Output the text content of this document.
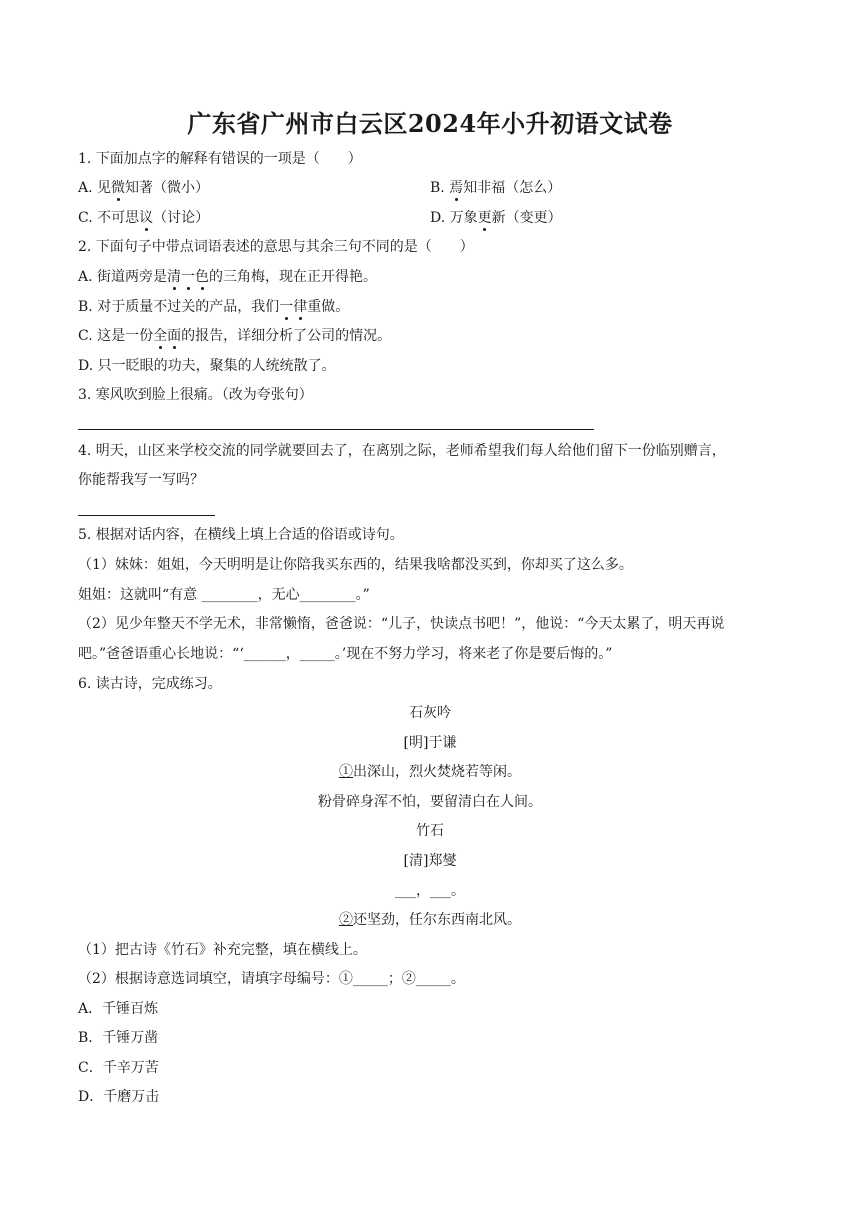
广东省广州市白云区2024年小升初语文试卷
1. 下面加点字的解释有错误的一项是（　　）
A. 见微知著（微小）	B. 焉知非福（怎么）
C. 不可思议（讨论）	D. 万象更新（变更）
2. 下面句子中带点词语表述的意思与其余三句不同的是（　　）
A. 街道两旁是清一色的三角梅，现在正开得艳。
B. 对于质量不过关的产品，我们一律重做。
C. 这是一份全面的报告，详细分析了公司的情况。
D. 只一眨眼的功夫，聚集的人统统散了。
3. 寒风吹到脸上很痛。（改为夸张句）
4. 明天，山区来学校交流的同学就要回去了，在离别之际，老师希望我们每人给他们留下一份临别赠言，
你能帮我写一写吗？
5. 根据对话内容，在横线上填上合适的俗语或诗句。
（1）妹妹：姐姐，今天明明是让你陪我买东西的，结果我啥都没买到，你却买了这么多。
姐姐：这就叫“有意 ________，无心________。”
（2）见少年整天不学无术，非常懒惰，爸爸说：“儿子，快读点书吧！”，他说：“今天太累了，明天再说
吧。”爸爸语重心长地说：“‘______，_____。’现在不努力学习，将来老了你是要后悔的。”
6. 读古诗，完成练习。
石灰吟
[明]于谦
①出深山，烈火焚烧若等闲。
粉骨碎身浑不怕，要留清白在人间。
竹石
[清]郑燮
___，___。
②还坚劲，任尔东西南北风。
（1）把古诗《竹石》补充完整，填在横线上。
（2）根据诗意选词填空，请填字母编号：①_____；②_____。
A．千锤百炼
B．千锤万凿
C．千辛万苦
D．千磨万击
